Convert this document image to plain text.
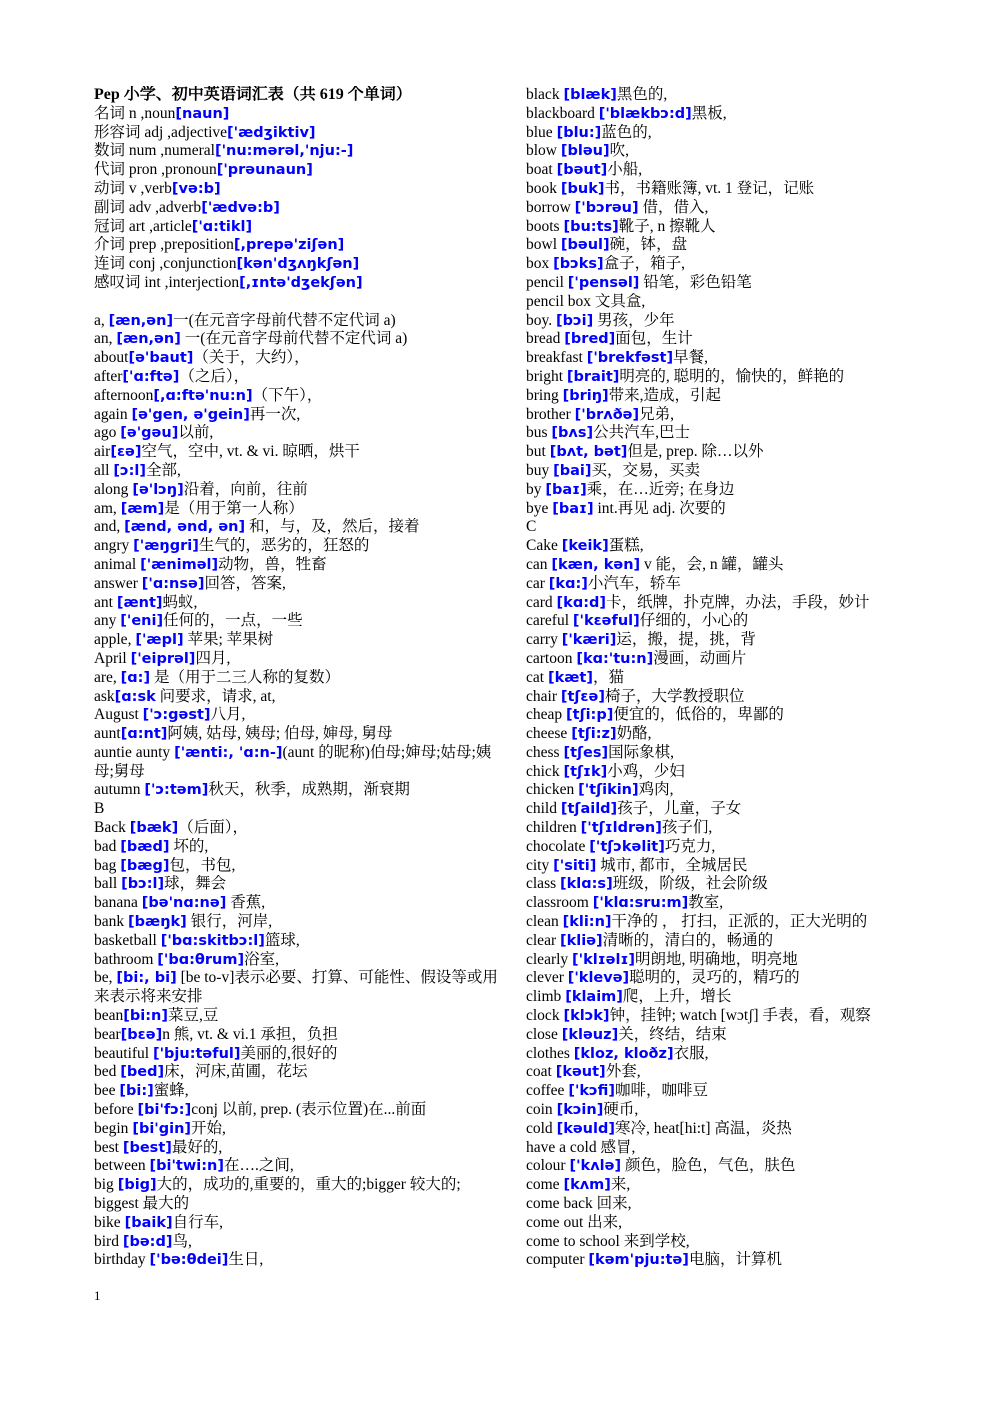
Pep 小学、初中英语词汇表（共 619 个单词）
名词 n ,noun[naun]
形容词 adj ,adjective['ædʒiktiv]
数词 num ,numeral['nu:mərəl,'nju:-]
代词 pron ,pronoun['prəunaun]
动词 v ,verb[və:b]
副词 adv ,adverb['ædvə:b]
冠词 art ,article['ɑ:tikl]
介词 prep ,preposition[,prepə'ziʃən]
连词 conj ,conjunction[kən'dʒʌŋkʃən]
感叹词 int ,interjection[,ɪntə'dʒekʃən]
a, [æn,ən]一(在元音字母前代替不定代词 a)
an, [æn,ən] 一(在元音字母前代替不定代词 a)
about[ə'baut]（关于，大约），
after['ɑ:ftə]（之后），
afternoon[,ɑ:ftə'nu:n]（下午），
again [ə'gen, ə'gein]再一次,
ago [ə'gəu]以前,
air[εə]空气，空中, vt. & vi. 晾晒，烘干
all [ɔ:l]全部,
along [ə'lɔŋ]沿着，向前，往前
am, [æm]是（用于第一人称）
and, [ænd, ənd, ən] 和，与，及，然后，接着
angry ['æŋgri]生气的，恶劣的，狂怒的
animal ['æniməl]动物，兽，牲畜
answer ['ɑ:nsə]回答，答案,
ant [ænt]蚂蚁,
any ['eni]任何的，一点，一些
apple, ['æpl] 苹果; 苹果树
April ['eiprəl]四月,
are, [ɑ:] 是（用于二三人称的复数）
ask[ɑ:sk 问要求，请求, at,
August ['ɔ:gəst]八月,
aunt[ɑ:nt]阿姨, 姑母, 姨母; 伯母, 婶母, 舅母
auntie aunty ['ænti:, 'ɑ:n-](aunt 的昵称)伯母;婶母;姑母;姨母;舅母
autumn ['ɔ:təm]秋天，秋季，成熟期，渐衰期
B
Back [bæk]（后面），
bad [bæd] 坏的,
bag [bæg]包，书包,
ball [bɔ:l]球，舞会
banana [bə'nɑ:nə] 香蕉,
bank [bæŋk] 银行，河岸,
basketball ['bɑ:skitbɔ:l]篮球,
bathroom ['bɑ:θrum]浴室,
be, [bi:, bi] [be to-v]表示必要、打算、可能性、假设等或用来表示将来安排
bean[bi:n]菜豆,豆
bear[bεə]n 熊, vt. & vi.1 承担，负担
beautiful ['bju:təful]美丽的,很好的
bed [bed]床，河床,苗圃，花坛
bee [bi:]蜜蜂,
before [bi'fɔ:]conj 以前, prep. (表示位置)在...前面
begin [bi'gin]开始,
best [best]最好的,
between [bi'twi:n]在….之间,
big [big]大的，成功的,重要的，重大的;bigger 较大的;
biggest 最大的
bike [baik]自行车,
bird [bə:d]鸟,
birthday ['bə:θdei]生日,
black [blæk]黑色的,
blackboard ['blækbɔ:d]黑板,
blue [blu:]蓝色的,
blow [bləu]吹,
boat [bəut]小船,
book [buk]书，书籍账簿, vt. 1 登记，记账
borrow ['bɔrəu] 借，借入,
boots [bu:ts]靴子, n 擦靴人
bowl [bəul]碗，钵，盘
box [bɔks]盒子，箱子,
pencil ['pensəl] 铅笔，彩色铅笔
pencil box 文具盒,
boy. [bɔi] 男孩，少年
bread [bred]面包，生计
breakfast ['brekfəst]早餐,
bright [brait]明亮的, 聪明的，愉快的，鲜艳的
bring [briŋ]带来,造成，引起
brother ['brʌðə]兄弟,
bus [bʌs]公共汽车,巴士
but [bʌt, bət]但是, prep. 除…以外
buy [bai]买，交易，买卖
by [baɪ]乘，在…近旁; 在身边
bye [baɪ] int.再见 adj. 次要的
C
Cake [keik]蛋糕,
can [kæn, kən] v 能，会, n 罐，罐头
car [kɑ:]小汽车，轿车
card [kɑ:d]卡，纸牌，扑克牌，办法，手段，妙计
careful ['kεəful]仔细的，小心的
carry ['kæri]运，搬，提，挑，背
cartoon [kɑ:'tu:n]漫画，动画片
cat [kæt]，猫
chair [tʃεə]椅子，大学教授职位
cheap [tʃi:p]便宜的，低俗的，卑鄙的
cheese [tʃi:z]奶酪,
chess [tʃes]国际象棋,
chick [tʃɪk]小鸡，少妇
chicken ['tʃikin]鸡肉,
child [tʃaild]孩子，儿童，子女
children ['tʃɪldrən]孩子们,
chocolate ['tʃɔkəlit]巧克力,
city ['siti] 城市, 都市，全城居民
class [klɑ:s]班级，阶级，社会阶级
classroom ['klɑ:sru:m]教室,
clean [kli:n]干净的 ， 打扫，正派的，正大光明的
clear [kliə]清晰的，清白的，畅通的
clearly ['klɪəlɪ]明朗地, 明确地，明亮地
clever ['klevə]聪明的，灵巧的，精巧的
climb [klaim]爬，上升，增长
clock [klɔk]钟，挂钟; watch [wɔtʃ] 手表，看，观察
close [kləuz]关，终结，结束
clothes [kloz, kloðz]衣服,
coat [kəut]外套,
coffee ['kɔfi]咖啡，咖啡豆
coin [kɔin]硬币,
cold [kəuld]寒冷, heat[hi:t] 高温，炎热
have a cold 感冒,
colour ['kʌlə] 颜色，脸色，气色，肤色
come [kʌm]来,
come back 回来,
come out 出来,
come to school 来到学校,
computer [kəm'pju:tə]电脑，计算机
1
